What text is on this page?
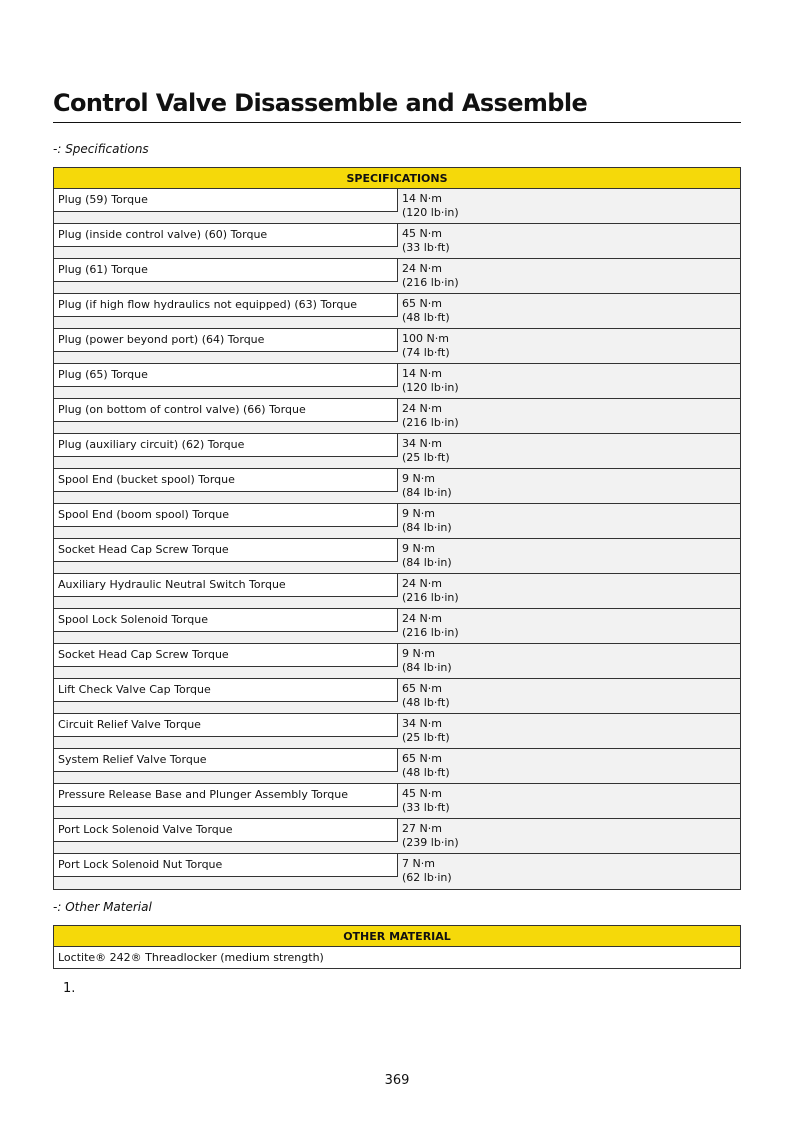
Control Valve Disassemble and Assemble
-: Specifications
SPECIFICATIONS
Plug (59) Torque	14 N·m
(120 lb·in)
Plug (inside control valve) (60) Torque	45 N·m
(33 lb·ft)
Plug (61) Torque	24 N·m
(216 lb·in)
Plug (if high flow hydraulics not equipped) (63) Torque	65 N·m
(48 lb·ft)
Plug (power beyond port) (64) Torque	100 N·m
(74 lb·ft)
Plug (65) Torque	14 N·m
(120 lb·in)
Plug (on bottom of control valve) (66) Torque	24 N·m
(216 lb·in)
Plug (auxiliary circuit) (62) Torque	34 N·m
(25 lb·ft)
Spool End (bucket spool) Torque	9 N·m
(84 lb·in)
Spool End (boom spool) Torque	9 N·m
(84 lb·in)
Socket Head Cap Screw Torque	9 N·m
(84 lb·in)
Auxiliary Hydraulic Neutral Switch Torque	24 N·m
(216 lb·in)
Spool Lock Solenoid Torque	24 N·m
(216 lb·in)
Socket Head Cap Screw Torque	9 N·m
(84 lb·in)
Lift Check Valve Cap Torque	65 N·m
(48 lb·ft)
Circuit Relief Valve Torque	34 N·m
(25 lb·ft)
System Relief Valve Torque	65 N·m
(48 lb·ft)
Pressure Release Base and Plunger Assembly Torque	45 N·m
(33 lb·ft)
Port Lock Solenoid Valve Torque	27 N·m
(239 lb·in)
Port Lock Solenoid Nut Torque	7 N·m
(62 lb·in)
-: Other Material
OTHER MATERIAL
Loctite® 242® Threadlocker (medium strength)
1.
369
